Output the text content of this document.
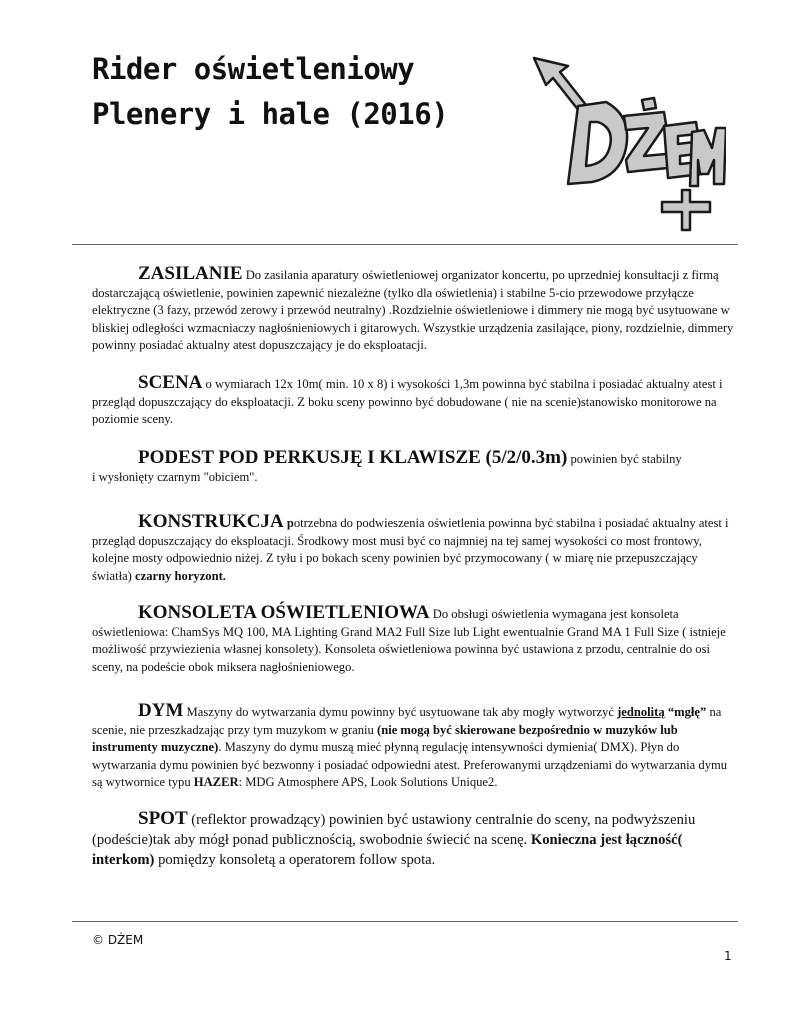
Rider oświetleniowy
Plenery i hale (2016)
ZASILANIE Do zasilania aparatury oświetleniowej organizator koncertu, po uprzedniej konsultacji z firmą dostarczającą oświetlenie, powinien zapewnić niezależne (tylko dla oświetlenia) i stabilne 5-cio przewodowe przyłącze elektryczne (3 fazy, przewód zerowy i przewód neutralny) .Rozdzielnie oświetleniowe i dimmery nie mogą być usytuowane w bliskiej odległości wzmacniaczy nagłośnieniowych i gitarowych. Wszystkie urządzenia zasilające, piony, rozdzielnie, dimmery powinny posiadać aktualny atest dopuszczający je do eksploatacji.
SCENA o wymiarach 12x 10m( min. 10 x 8) i wysokości 1,3m powinna być stabilna i posiadać aktualny atest i przegląd dopuszczający do eksploatacji. Z boku sceny powinno być dobudowane ( nie na scenie)stanowisko monitorowe na poziomie sceny.
PODEST POD PERKUSJĘ I KLAWISZE (5/2/0.3m) powinien być stabilny
i wysłonięty czarnym "obiciem".
KONSTRUKCJA potrzebna do podwieszenia oświetlenia powinna być stabilna i posiadać aktualny atest i przegląd dopuszczający do eksploatacji. Środkowy most musi być co najmniej na tej samej wysokości co most frontowy, kolejne mosty odpowiednio niżej. Z tyłu i po bokach sceny powinien być przymocowany ( w miarę nie przepuszczający światła) czarny horyzont.
KONSOLETA OŚWIETLENIOWA Do obsługi oświetlenia wymagana jest konsoleta oświetleniowa: ChamSys MQ 100, MA Lighting Grand MA2 Full Size lub Light ewentualnie Grand MA 1 Full Size ( istnieje możliwość przywiezienia własnej konsolety). Konsoleta oświetleniowa powinna być ustawiona z przodu, centralnie do osi sceny, na podeście obok miksera nagłośnieniowego.
DYM Maszyny do wytwarzania dymu powinny być usytuowane tak aby mogły wytworzyć jednolitą “mgłę” na scenie, nie przeszkadzając przy tym muzykom w graniu (nie mogą być skierowane bezpośrednio w muzyków lub instrumenty muzyczne). Maszyny do dymu muszą mieć płynną regulację intensywności dymienia( DMX). Płyn do wytwarzania dymu powinien być bezwonny i posiadać odpowiedni atest. Preferowanymi urządzeniami do wytwarzania dymu są wytwornice typu HAZER: MDG Atmosphere APS, Look Solutions Unique2.
SPOT (reflektor prowadzący) powinien być ustawiony centralnie do sceny, na podwyższeniu (podeście)tak aby mógł ponad publicznością, swobodnie świecić na scenę. Konieczna jest łączność( interkom) pomiędzy konsoletą a operatorem follow spota.
© DŻEM
1
